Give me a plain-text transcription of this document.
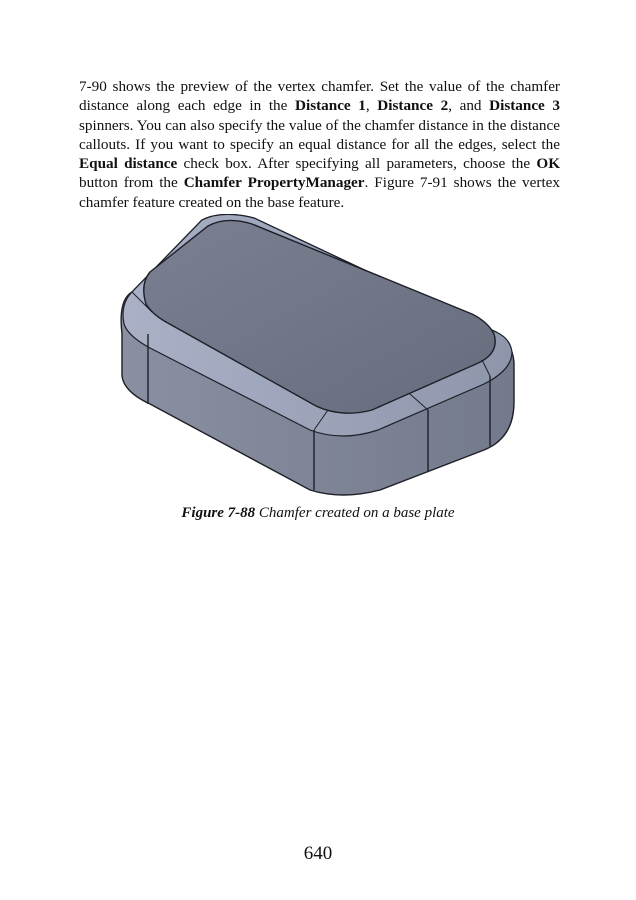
7-90 shows the preview of the vertex chamfer. Set the value of the chamfer distance along each edge in the Distance 1, Distance 2, and Distance 3 spinners. You can also specify the value of the chamfer distance in the distance callouts. If you want to specify an equal distance for all the edges, select the Equal distance check box. After specifying all parameters, choose the OK button from the Chamfer PropertyManager. Figure 7-91 shows the vertex chamfer feature created on the base feature.

Figure 7-88 Chamfer created on a base plate
640
